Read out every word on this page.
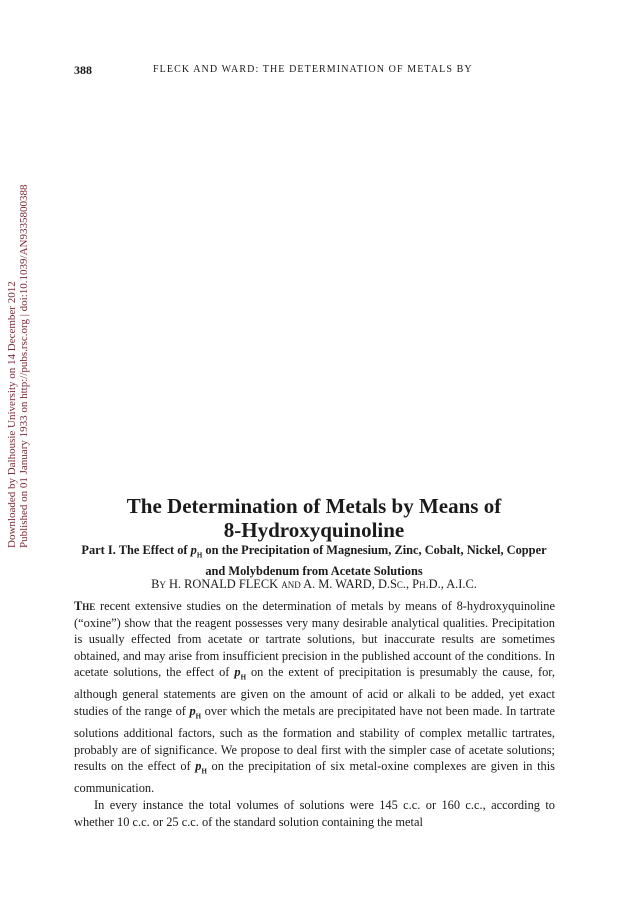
388	FLECK AND WARD: THE DETERMINATION OF METALS BY
Downloaded by Dalhousie University on 14 December 2012 Published on 01 January 1933 on http://pubs.rsc.org | doi:10.1039/AN9335800388	The Determination of Metals by Means of
8-Hydroxyquinoline
Part I. The Effect of $p_H$ on the Precipitation of Magnesium, Zinc, Cobalt, Nickel, Copper and Molybdenum from Acetate Solutions
By H. RONALD FLECK and A. M. WARD, D.Sc., Ph.D., A.I.C.

The recent extensive studies on the determination of metals by means of 8-hydroxyquinoline (“oxine”) show that the reagent possesses very many desirable analytical qualities. Precipitation is usually effected from acetate or tartrate solutions, but inaccurate results are sometimes obtained, and may arise from insufficient precision in the published account of the conditions. In acetate solutions, the effect of $p_H$ on the extent of precipitation is presumably the cause, for, although general statements are given on the amount of acid or alkali to be added, yet exact studies of the range of $p_H$ over which the metals are precipitated have not been made. In tartrate solutions additional factors, such as the formation and stability of complex metallic tartrates, probably are of significance. We propose to deal first with the simpler case of acetate solutions; results on the effect of $p_H$ on the precipitation of six metal-oxine complexes are given in this communication.

In every instance the total volumes of solutions were 145 c.c. or 160 c.c., according to whether 10 c.c. or 25 c.c. of the standard solution containing the metal
